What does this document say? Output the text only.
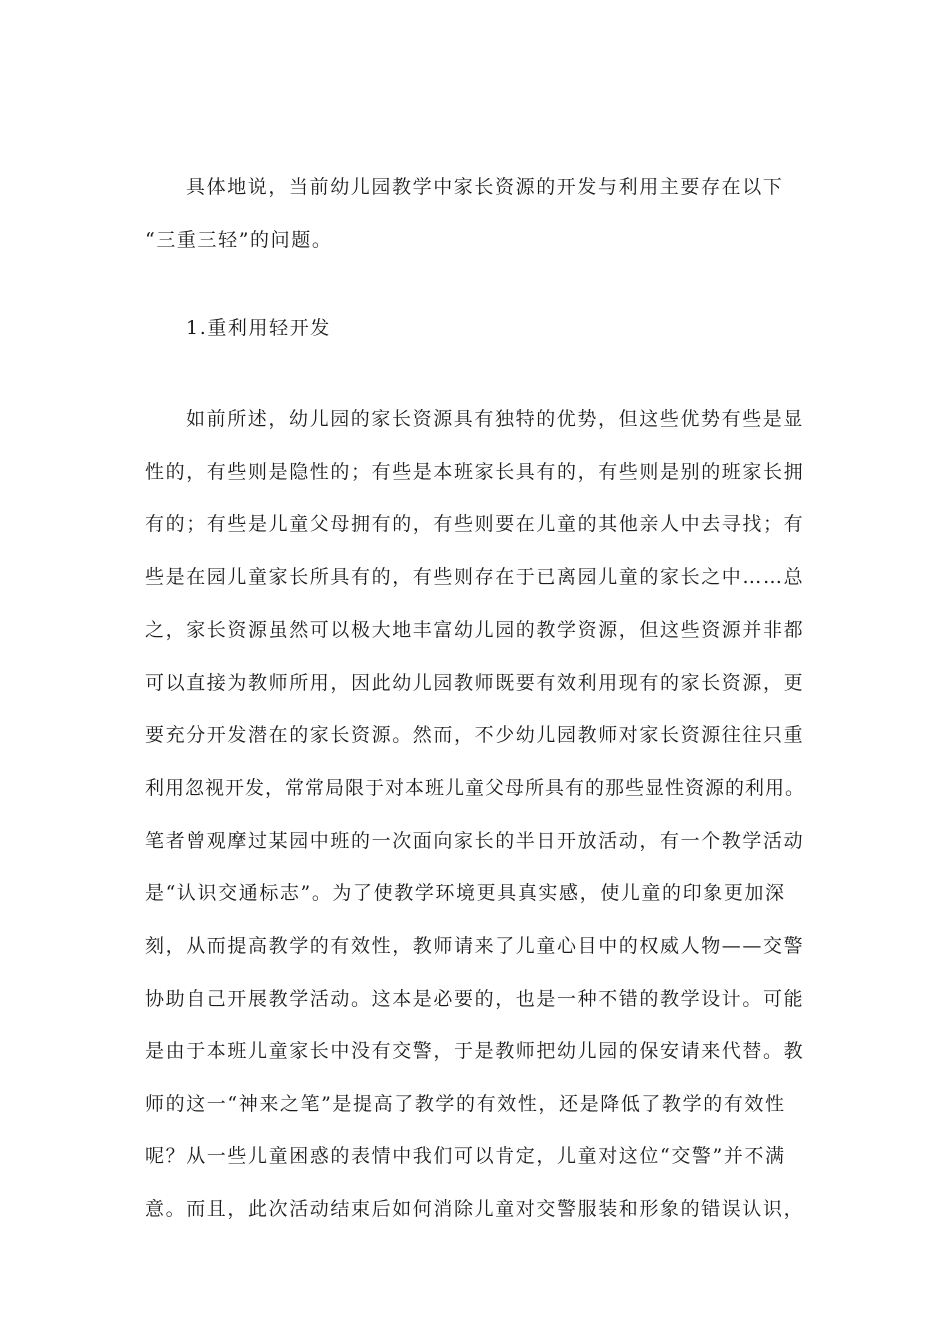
具体地说，当前幼儿园教学中家长资源的开发与利用主要存在以下

“三重三轻”的问题。

1.重利用轻开发

如前所述，幼儿园的家长资源具有独特的优势，但这些优势有些是显

性的，有些则是隐性的；有些是本班家长具有的，有些则是别的班家长拥

有的；有些是儿童父母拥有的，有些则要在儿童的其他亲人中去寻找；有

些是在园儿童家长所具有的，有些则存在于已离园儿童的家长之中……总

之，家长资源虽然可以极大地丰富幼儿园的教学资源，但这些资源并非都

可以直接为教师所用，因此幼儿园教师既要有效利用现有的家长资源，更

要充分开发潜在的家长资源。然而，不少幼儿园教师对家长资源往往只重

利用忽视开发，常常局限于对本班儿童父母所具有的那些显性资源的利用。

笔者曾观摩过某园中班的一次面向家长的半日开放活动，有一个教学活动

是“认识交通标志”。为了使教学环境更具真实感，使儿童的印象更加深

刻，从而提高教学的有效性，教师请来了儿童心目中的权威人物——交警

协助自己开展教学活动。这本是必要的，也是一种不错的教学设计。可能

是由于本班儿童家长中没有交警，于是教师把幼儿园的保安请来代替。教

师的这一“神来之笔”是提高了教学的有效性，还是降低了教学的有效性

呢？从一些儿童困惑的表情中我们可以肯定，儿童对这位“交警”并不满

意。而且，此次活动结束后如何消除儿童对交警服装和形象的错误认识，
